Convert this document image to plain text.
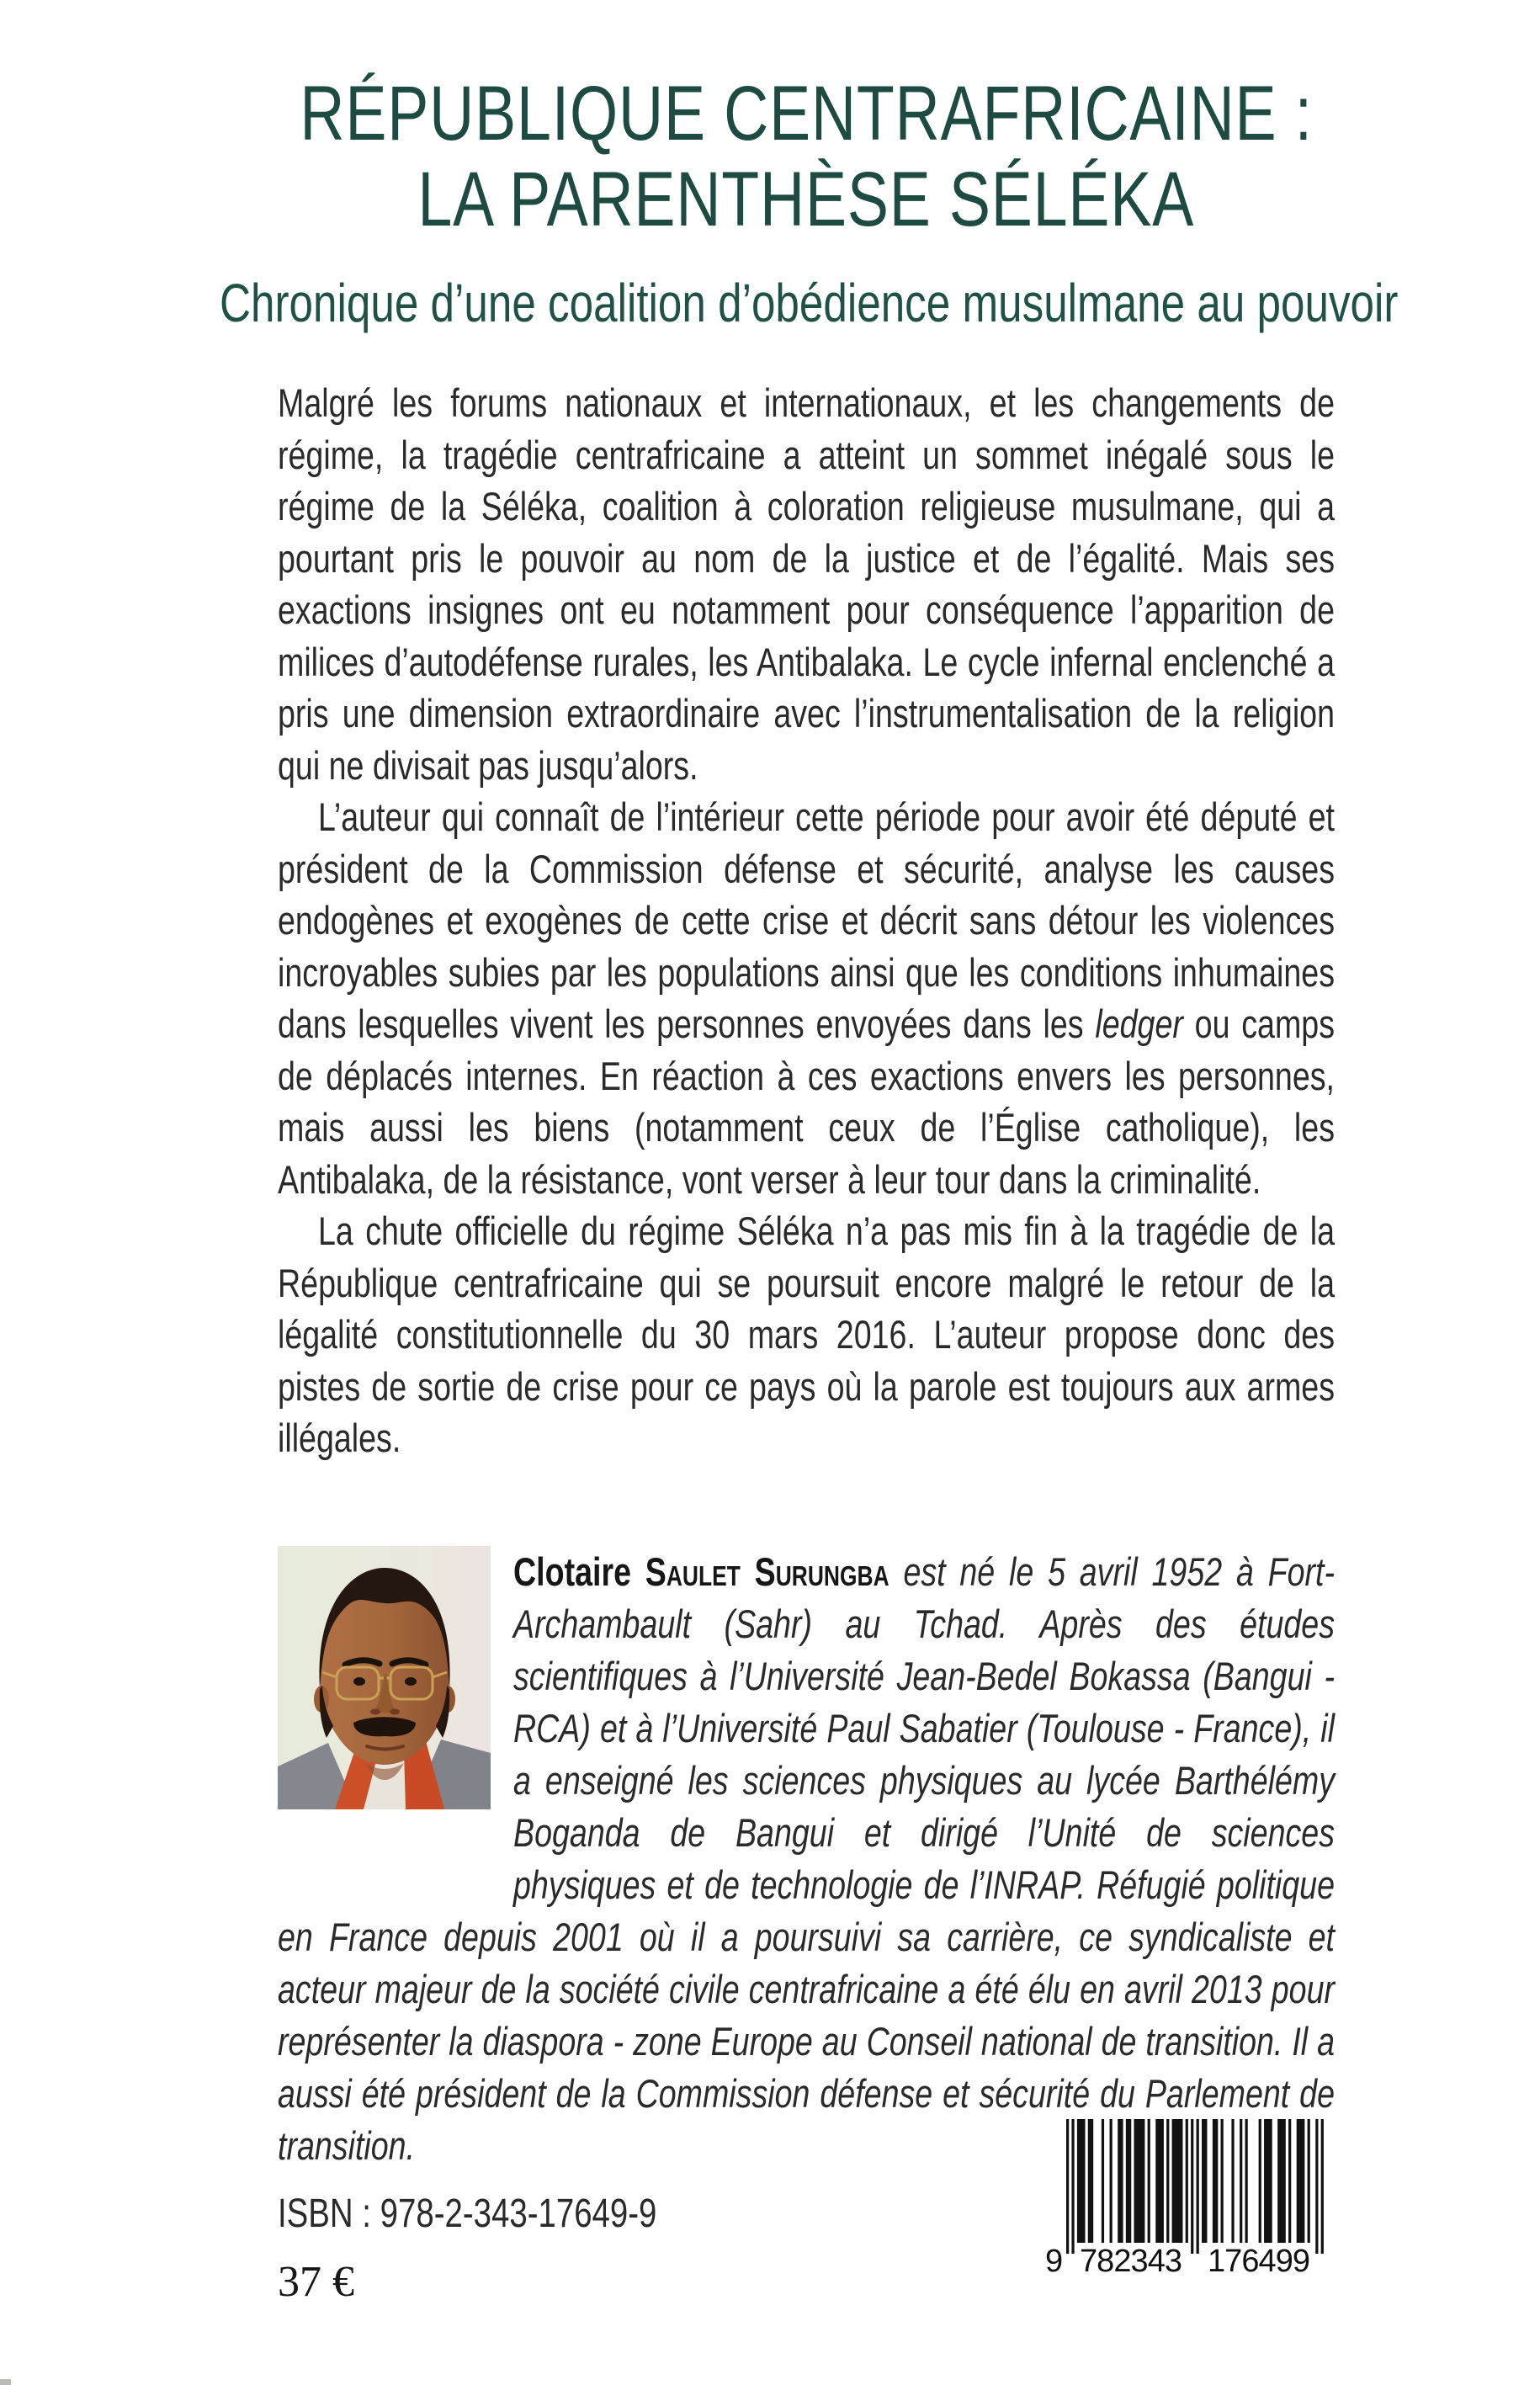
RÉPUBLIQUE CENTRAFRICAINE :
LA PARENTHÈSE SÉLÉKA
Chronique d’une coalition d’obédience musulmane au pouvoir

Malgré les forums nationaux et internationaux, et les changements de régime, la tragédie centrafricaine a atteint un sommet inégalé sous le régime de la Séléka, coalition à coloration religieuse musulmane, qui a pourtant pris le pouvoir au nom de la justice et de l’égalité. Mais ses exactions insignes ont eu notamment pour conséquence l’apparition de milices d’autodéfense rurales, les Antibalaka. Le cycle infernal enclenché a pris une dimension extraordinaire avec l’instrumentalisation de la religion qui ne divisait pas jusqu’alors.

L’auteur qui connaît de l’intérieur cette période pour avoir été député et président de la Commission défense et sécurité, analyse les causes endogènes et exogènes de cette crise et décrit sans détour les violences incroyables subies par les populations ainsi que les conditions inhumaines dans lesquelles vivent les personnes envoyées dans les ledger ou camps de déplacés internes. En réaction à ces exactions envers les personnes, mais aussi les biens (notamment ceux de l’Église catholique), les Antibalaka, de la résistance, vont verser à leur tour dans la criminalité.

La chute officielle du régime Séléka n’a pas mis fin à la tragédie de la République centrafricaine qui se poursuit encore malgré le retour de la légalité constitutionnelle du 30 mars 2016. L’auteur propose donc des pistes de sortie de crise pour ce pays où la parole est toujours aux armes illégales.

Clotaire Saulet Surungba est né le 5 avril 1952 à Fort-Archambault (Sahr) au Tchad. Après des études scientifiques à l’Université Jean-Bedel Bokassa (Bangui - RCA) et à l’Université Paul Sabatier (Toulouse - France), il a enseigné les sciences physiques au lycée Barthélémy Boganda de Bangui et dirigé l’Unité de sciences physiques et de technologie de l’INRAP. Réfugié politique en France depuis 2001 où il a poursuivi sa carrière, ce syndicaliste et acteur majeur de la société civile centrafricaine a été élu en avril 2013 pour représenter la diaspora - zone Europe au Conseil national de transition. Il a aussi été président de la Commission défense et sécurité du Parlement de transition.
ISBN : 978-2-343-17649-9
37 €	9 782343 176499
